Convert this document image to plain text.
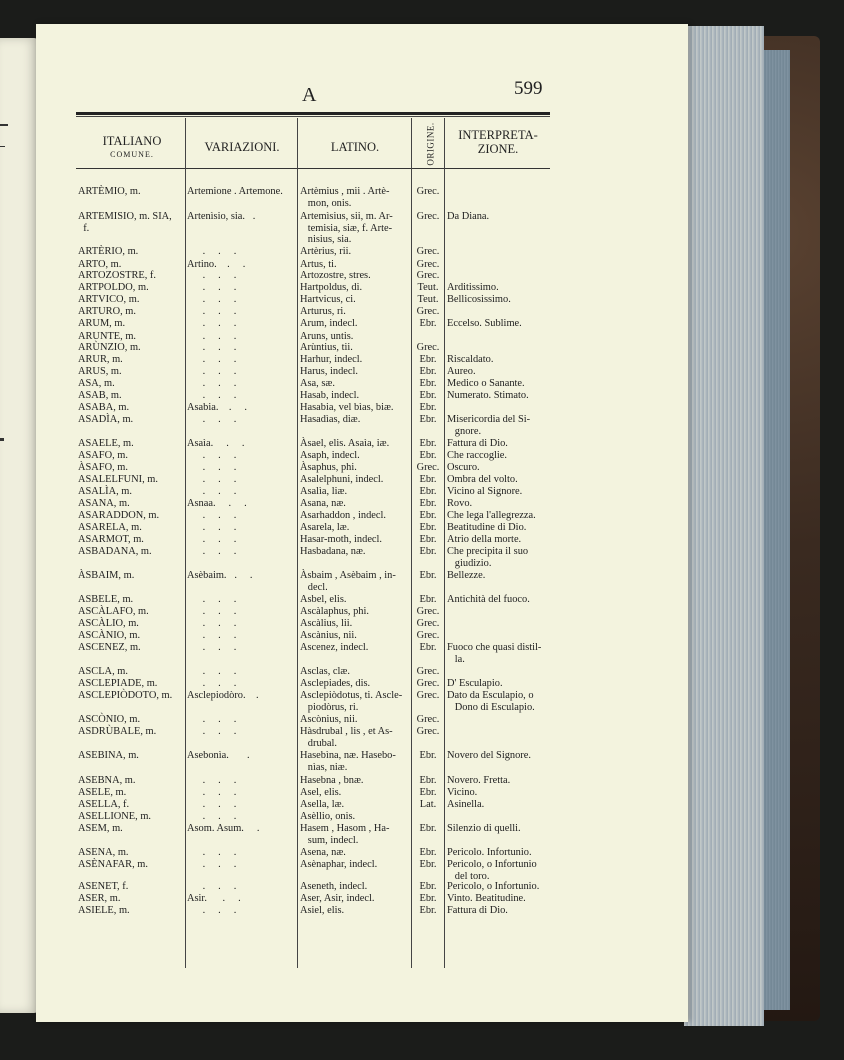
A	599
ITALIANO
COMUNE.
VARIAZIONI.	LATINO.	ORIGINE.	INTERPRETA-
ZIONE.
ARTÈMIO, m.	Artemione . Artemone.	Artèmius , mii . Artè-
mon, onis.
Grec.
ARTEMISIO, m. SIA,
f.
Artenìsio, sia.   .	Artemìsius, sii, m. Ar-
temisia, siæ, f. Arte-
nisius, sia.
Grec. Da Diana.
ARTÈRIO, m.	.     .     .	Artèrius, rii.	Grec.
ARTO, m.	Artino.    .     .	Artus, ti.	Grec.
ARTOZOSTRE, f.	.     .     .	Artozostre, stres.	Grec.
ARTPOLDO, m.	.     .     .	Hartpoldus, di.	Teut. Arditissimo.
ARTVICO, m.	.     .     .	Hartvicus, ci.	Teut. Bellicosissimo.
ARTURO, m.	.     .     .	Arturus, ri.	Grec.
ARUM, m.	.     .     .	Arum, indecl.	Ebr.	Eccelso. Sublime.
ARUNTE, m.	.     .     .	Aruns, untis.
ARÙNZIO, m.	.     .     .	Arùntius, tii.	Grec.
ARUR, m.	.     .     .	Harhur, indecl.	Ebr.	Riscaldato.
ARUS, m.	.     .     .	Harus, indecl.	Ebr.	Aureo.
ASA, m.	.     .     .	Asa, sæ.	Ebr.	Medico o Sanante.
ASAB, m.	.     .     .	Hasab, indecl.	Ebr.	Numerato. Stimato.
ASABA, m.	Asabia.    .     .	Hasabia, vel bìas, biæ.	Ebr.
ASADÌA, m.	.     .     .	Hasadìas, diæ.	Ebr.	Misericordia del Si-
gnore.
ASAELE, m.	Asaìa.     .     .	Àsael, elis. Asaìa, iæ.	Ebr.	Fattura di Dio.
ASAFO, m.	.     .     .	Asaph, indecl.	Ebr.	Che raccoglie.
ÀSAFO, m.	.     .     .	Àsaphus, phi.	Grec. Oscuro.
ASALELFUNI, m.	.     .     .	Asalelphuni, indecl.	Ebr.	Ombra del volto.
ASALÌA, m.	.     .     .	Asalìa, liæ.	Ebr.	Vicino al Signore.
ASANA, m.	Asnaa.     .     .	Asana, næ.	Ebr.	Rovo.
ASARADDON, m.	.     .     .	Asarhaddon , indecl.	Ebr.	Che lega l'allegrezza.
ASARELA, m.	.     .     .	Asarela, læ.	Ebr.	Beatitudine di Dio.
ASARMOT, m.	.     .     .	Hasar-moth, indecl.	Ebr.	Atrio della morte.
ASBADANA, m.	.     .     .	Hasbadana, næ.	Ebr.	Che precipita il suo
giudizio.
ÀSBAIM, m.	Asèbaim.   .     .	Àsbaim , Asèbaim , in-
decl.
Ebr.	Bellezze.
ASBELE, m.	.     .     .	Asbel, elis.	Ebr.	Antichità del fuoco.
ASCÀLAFO, m.	.     .     .	Ascàlaphus, phi.	Grec.
ASCÀLIO, m.	.     .     .	Ascàlius, lii.	Grec.
ASCÀNIO, m.	.     .     .	Ascànius, nii.	Grec.
ASCENEZ, m.	.     .     .	Ascenez, indecl.	Ebr.	Fuoco che quasi distil-
la.
ASCLA, m.	.     .     .	Asclas, clæ.	Grec.
ASCLEPIADE, m.	.     .     .	Asclepiades, dis.	Grec. D' Esculapio.
ASCLEPIÒDOTO, m.	Asclepiodòro.    .	Asclepiòdotus, ti. Ascle-
piodòrus, ri.
Grec. Dato da Esculapio, o
Dono di Esculapio.
ASCÒNIO, m.	.     .     .	Ascònius, nii.	Grec.
ASDRÙBALE, m.	.     .     .	Hàsdrubal , lis , et As-
drubal.
Grec.
ASEBINA, m.	Asebonìa.       .	Hasebìna, næ. Hasebo-
nìas, niæ.
Ebr.	Novero del Signore.
ASEBNA, m.	.     .     .	Hasebna , bnæ.	Ebr.	Novero. Fretta.
ASELE, m.	.     .     .	Asel, elis.	Ebr.	Vicino.
ASELLA, f.	.     .     .	Asella, læ.	Lat.	Asinella.
ASELLIONE, m.	.     .     .	Asèllio, onis.
ASEM, m.	Asom. Asum.     .	Hasem , Hasom , Ha-
sum, indecl.
Ebr.	Silenzio di quelli.
ASENA, m.	.     .     .	Asena, næ.	Ebr.	Pericolo. Infortunio.
ASÈNAFAR, m.	.     .     .	Asènaphar, indecl.	Ebr.	Pericolo, o Infortunio
del toro.
ASENET, f.	.     .     .	Aseneth, indecl.	Ebr.	Pericolo, o Infortunio.
ASER, m.	Asir.      .     .	Aser, Asir, indecl.	Ebr.	Vinto. Beatitudine.
ASIELE, m.	.     .     .	Asiel, elis.	Ebr.	Fattura di Dio.
